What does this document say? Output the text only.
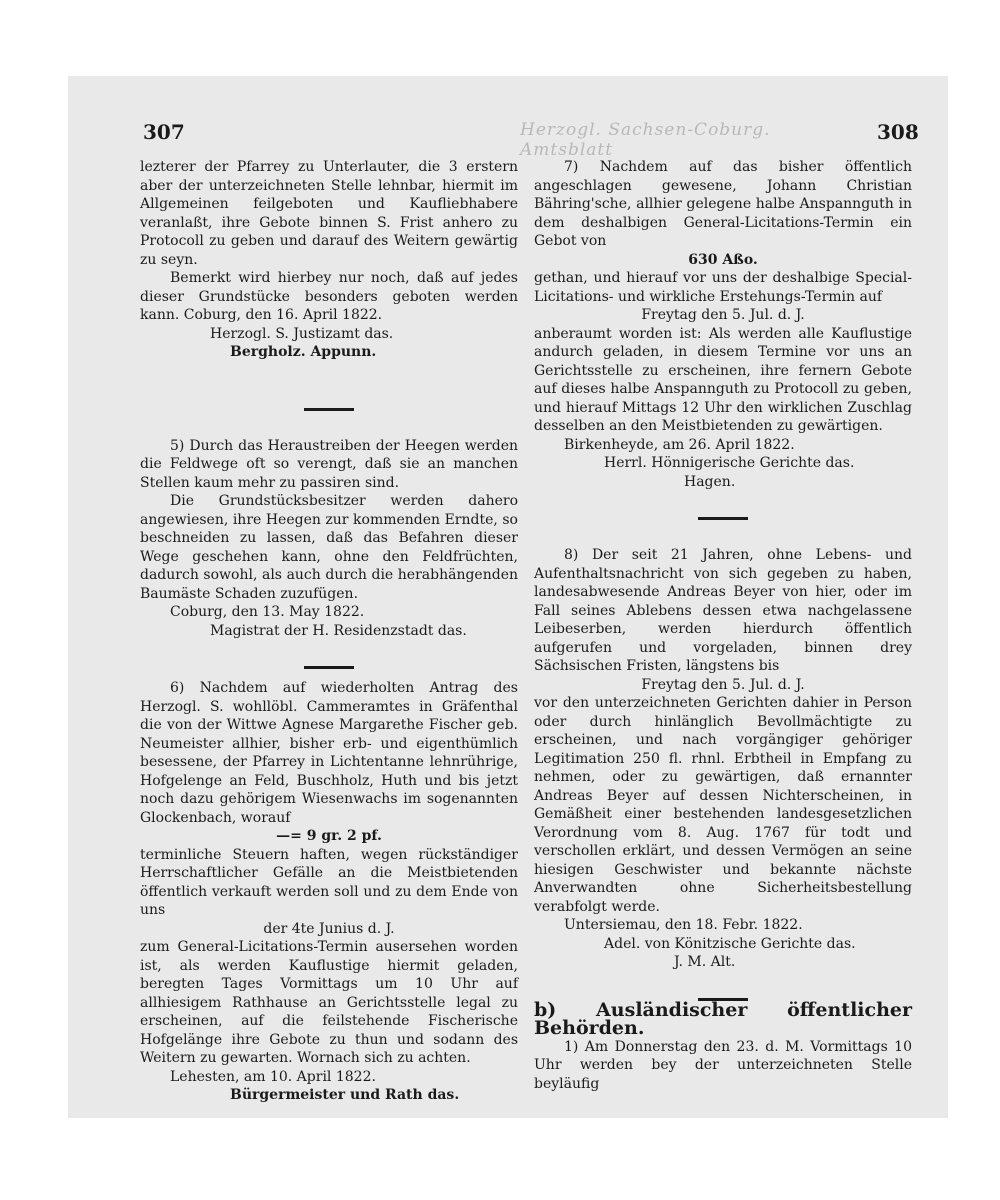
307	Herzogl. Sachsen-Coburg. Amtsblatt
308

lezterer der Pfarrey zu Unterlauter, die 3 erstern aber der unterzeichneten Stelle lehnbar, hiermit im Allgemeinen feilgeboten und Kaufliebhabere veranlaßt, ihre Gebote binnen S. Frist anhero zu Protocoll zu geben und darauf des Weitern gewärtig zu seyn.

Bemerkt wird hierbey nur noch, daß auf jedes dieser Grundstücke besonders geboten werden kann. Coburg, den 16. April 1822.

Herzogl. S. Justizamt das.

Bergholz. Appunn.

5) Durch das Heraustreiben der Heegen werden die Feldwege oft so verengt, daß sie an manchen Stellen kaum mehr zu passiren sind.

Die Grundstücksbesitzer werden dahero angewiesen, ihre Heegen zur kommenden Erndte, so beschneiden zu lassen, daß das Befahren dieser Wege geschehen kann, ohne den Feldfrüchten, dadurch sowohl, als auch durch die herabhängenden Baumäste Schaden zuzufügen.

Coburg, den 13. May 1822.

Magistrat der H. Residenzstadt das.

6) Nachdem auf wiederholten Antrag des Herzogl. S. wohllöbl. Cammeramtes in Gräfenthal die von der Wittwe Agnese Margarethe Fischer geb. Neumeister allhier, bisher erb- und eigenthümlich besessene, der Pfarrey in Lichtentanne lehnrührige, Hofgelenge an Feld, Buschholz, Huth und bis jetzt noch dazu gehörigem Wiesenwachs im sogenannten Glockenbach, worauf

—= 9 gr. 2 pf.

terminliche Steuern haften, wegen rückständiger Herrschaftlicher Gefälle an die Meistbietenden öffentlich verkauft werden soll und zu dem Ende von uns

der 4te Junius d. J.

zum General-Licitations-Termin ausersehen worden ist, als werden Kauflustige hiermit geladen, beregten Tages Vormittags um 10 Uhr auf allhiesigem Rathhause an Gerichtsstelle legal zu erscheinen, auf die feilstehende Fischerische Hofgelänge ihre Gebote zu thun und sodann des Weitern zu gewarten. Wornach sich zu achten.

Lehesten, am 10. April 1822.

Bürgermeister und Rath das.

7) Nachdem auf das bisher öffentlich angeschlagen gewesene, Johann Christian Bähring'sche, allhier gelegene halbe Anspannguth in dem deshalbigen General-Licitations-Termin ein Gebot von

630 Aßo.

gethan, und hierauf vor uns der deshalbige Special-Licitations- und wirkliche Erstehungs-Termin auf

Freytag den 5. Jul. d. J.

anberaumt worden ist: Als werden alle Kauflustige andurch geladen, in diesem Termine vor uns an Gerichtsstelle zu erscheinen, ihre fernern Gebote auf dieses halbe Anspannguth zu Protocoll zu geben, und hierauf Mittags 12 Uhr den wirklichen Zuschlag desselben an den Meistbietenden zu gewärtigen.

Birkenheyde, am 26. April 1822.

Herrl. Hönnigerische Gerichte das.

Hagen.

8) Der seit 21 Jahren, ohne Lebens- und Aufenthaltsnachricht von sich gegeben zu haben, landesabwesende Andreas Beyer von hier, oder im Fall seines Ablebens dessen etwa nachgelassene Leibeserben, werden hierdurch öffentlich aufgerufen und vorgeladen, binnen drey Sächsischen Fristen, längstens bis

Freytag den 5. Jul. d. J.

vor den unterzeichneten Gerichten dahier in Person oder durch hinlänglich Bevollmächtigte zu erscheinen, und nach vorgängiger gehöriger Legitimation 250 fl. rhnl. Erbtheil in Empfang zu nehmen, oder zu gewärtigen, daß ernannter Andreas Beyer auf dessen Nichterscheinen, in Gemäßheit einer bestehenden landesgesetzlichen Verordnung vom 8. Aug. 1767 für todt und verschollen erklärt, und dessen Vermögen an seine hiesigen Geschwister und bekannte nächste Anverwandten ohne Sicherheitsbestellung verabfolgt werde.

Untersiemau, den 18. Febr. 1822.

Adel. von Könitzische Gerichte das.

J. M. Alt.

b) Ausländischer öffentlicher Behörden.

1) Am Donnerstag den 23. d. M. Vormittags 10 Uhr werden bey der unterzeichneten Stelle beyläufig
